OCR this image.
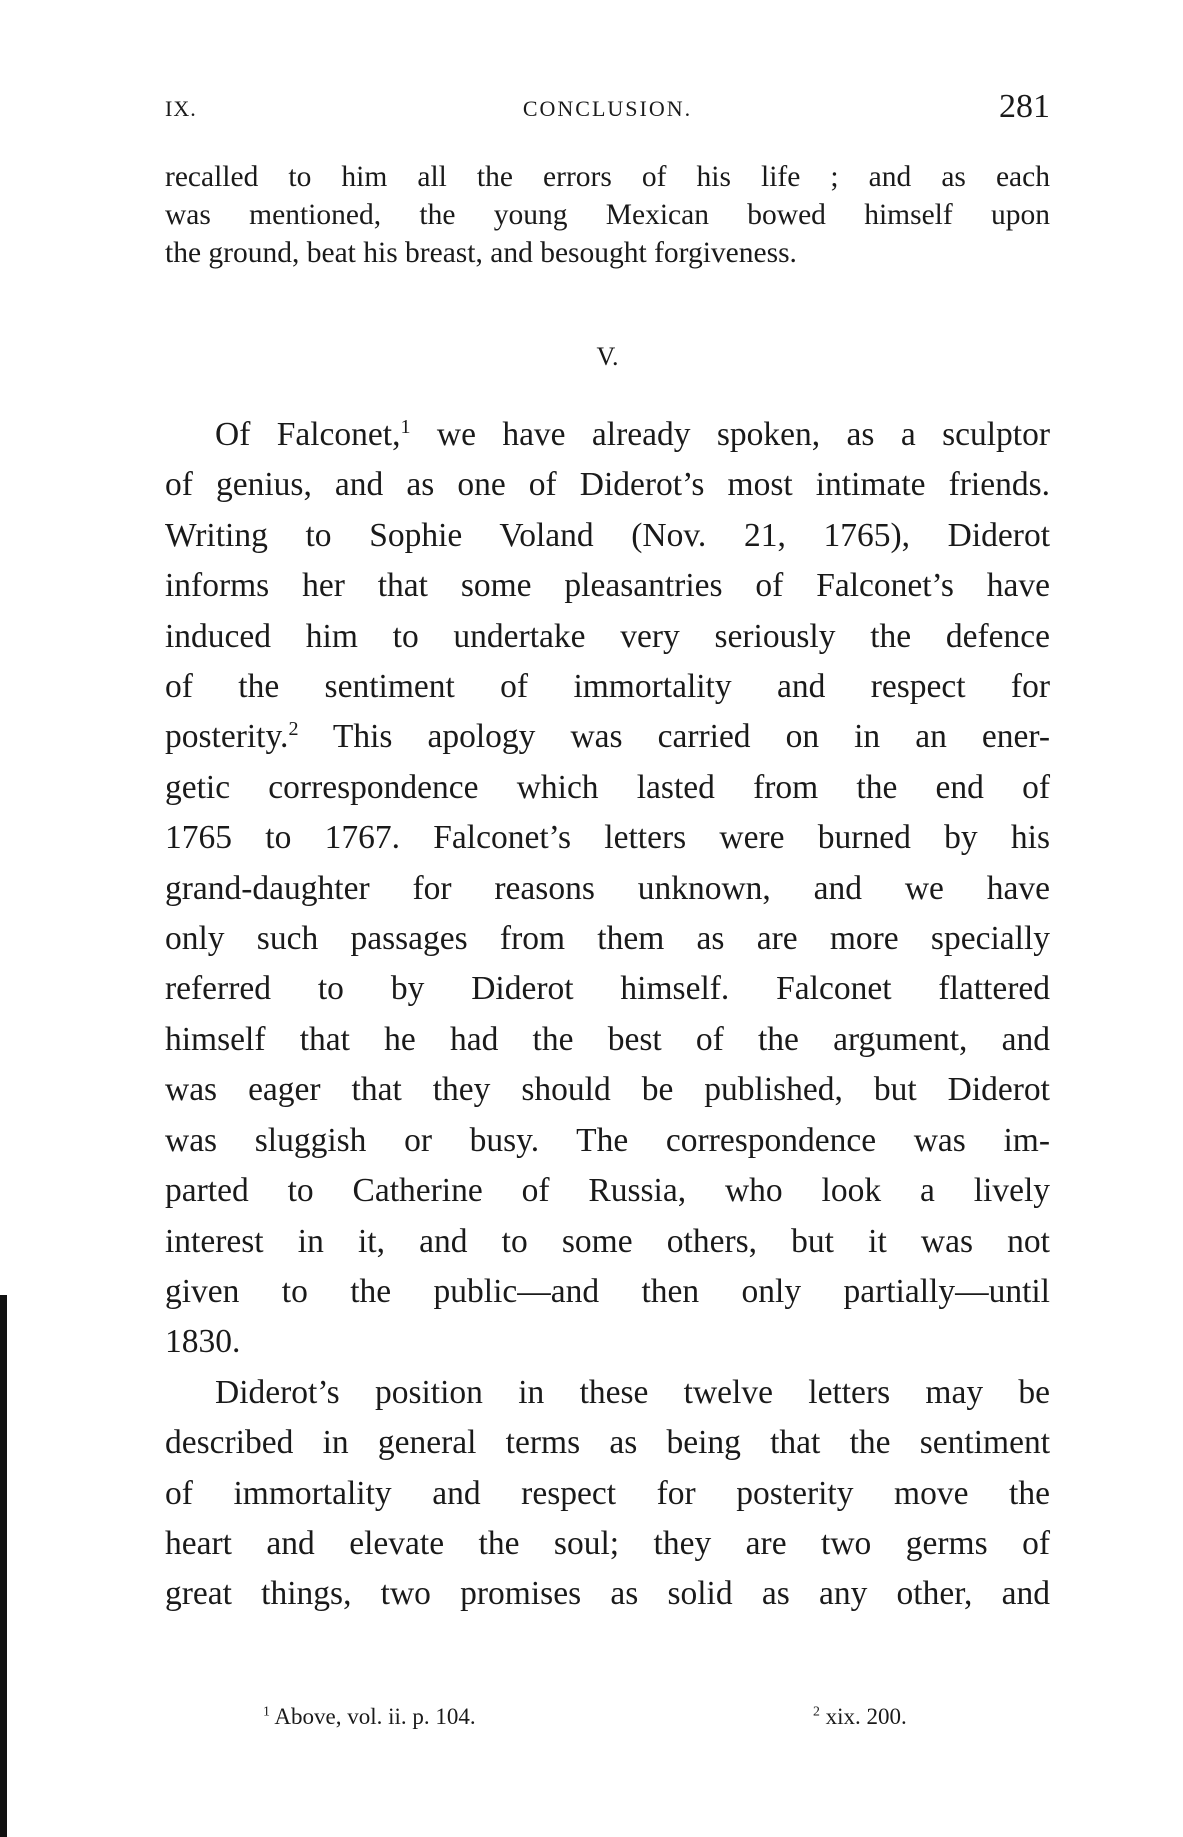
IX.	CONCLUSION.	281
recalled to him all the errors of his life ; and as each
was mentioned, the young Mexican bowed himself upon
the ground, beat his breast, and besought forgiveness.
V.
Of Falconet,$^1$ we have already spoken, as a sculptor
of genius, and as one of Diderot’s most intimate friends.
Writing to Sophie Voland (Nov. 21, 1765), Diderot
informs her that some pleasantries of Falconet’s have
induced him to undertake very seriously the defence
of the sentiment of immortality and respect for
posterity.$^2$ This apology was carried on in an ener-
getic correspondence which lasted from the end of
1765 to 1767. Falconet’s letters were burned by his
grand-daughter for reasons unknown, and we have
only such passages from them as are more specially
referred to by Diderot himself. Falconet flattered
himself that he had the best of the argument, and
was eager that they should be published, but Diderot
was sluggish or busy. The correspondence was im-
parted to Catherine of Russia, who look a lively
interest in it, and to some others, but it was not
given to the public—and then only partially—until
1830.
Diderot’s position in these twelve letters may be
described in general terms as being that the sentiment
of immortality and respect for posterity move the
heart and elevate the soul; they are two germs of
great things, two promises as solid as any other, and
$^1$ Above, vol. ii. p. 104.	$^2$ xix. 200.
